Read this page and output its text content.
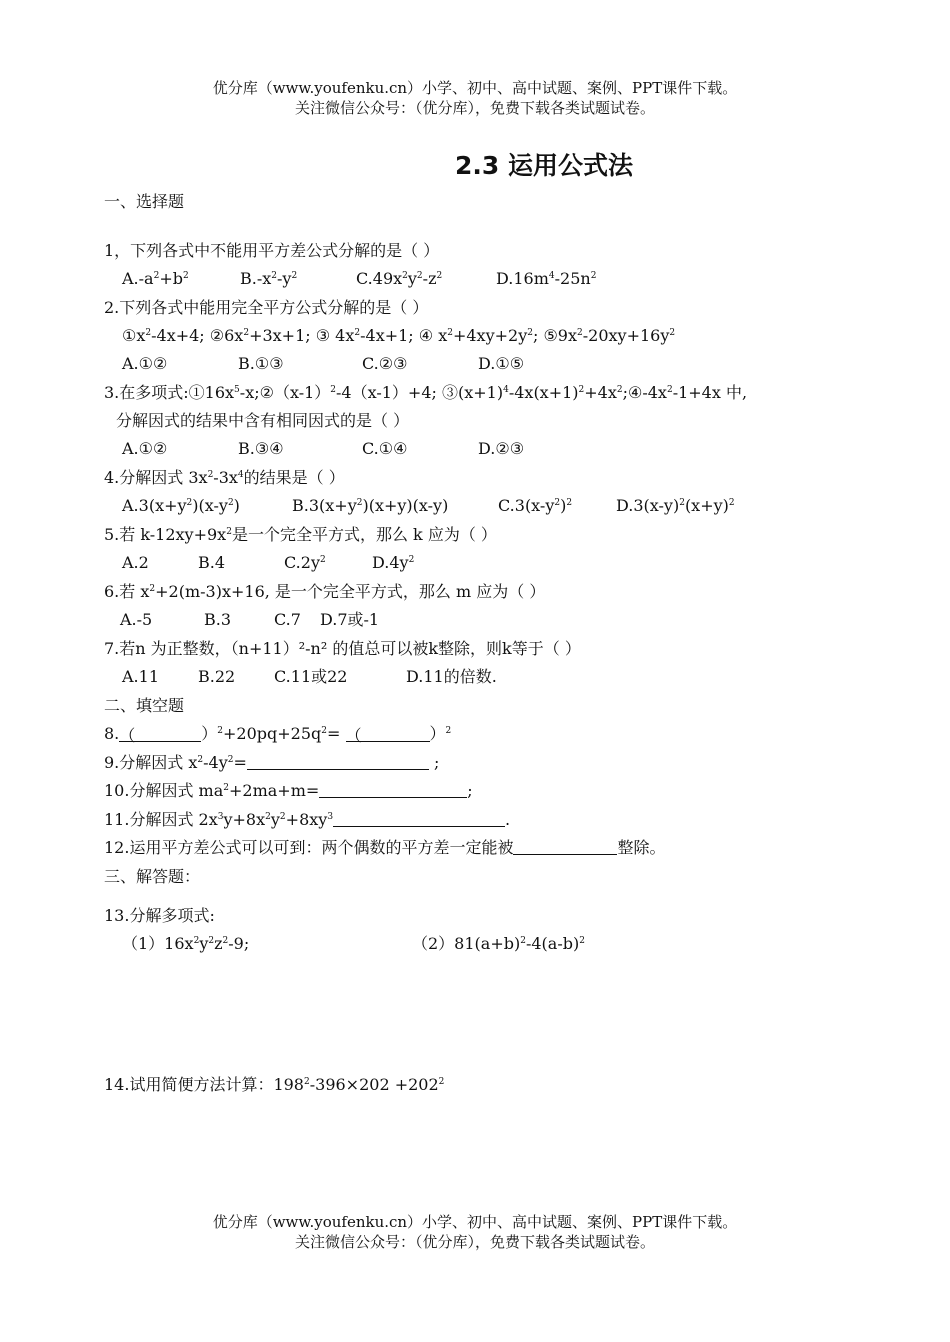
优分库（www.youfenku.cn）小学、初中、高中试题、案例、PPT课件下载。
关注微信公众号：（优分库），免费下载各类试题试卷。
2.3 运用公式法
一、选择题
1，下列各式中不能用平方差公式分解的是（ ）
$A.-a^2+b^2$	$B.-x^2-y^2$	$C.49x^2y^2-z^2$	$D.16m^4-25n^2$
2.下列各式中能用完全平方公式分解的是（ ）
$①x^2-4x+4$; $②6x^2+3x+1$; ③ $4x^2-4x+1$; ④ $x^2+4xy+2y^2$; $⑤9x^2-20xy+16y^2$
A.①②	B.①③	C.②③	D.①⑤
3.在多项式$:①16x^5-x;②(x-1)^2-4(x-1)+4$; $③(x+1)^4-4x(x+1)^2+4x^2;④-4x^2-1+4x$ 中,
分解因式的结果中含有相同因式的是（ ）
A.①②	B.③④	C.①④	D.②③
4.分解因式 $3x^2-3x^4$的结果是（ ）
$A.3(x+y^2)(x-y^2)$	$B.3(x+y^2)(x+y)(x-y)$	$C.3(x-y^2)^2$	$D.3(x-y)^2(x+y)^2$
5.若 $k-12xy+9x^2$是一个完全平方式，那么 k 应为（ ）
A.2	B.4	$C.2y^2$	$D.4y^2$
6.若 $x^2+2(m-3)x+16$, 是一个完全平方式，那么 m 应为（ ）
A.-5	B.3	C.7 D.7或-1
7.若n 为正整数，（n+11）²-n² 的值总可以被k整除，则k等于（ ）
A.11 B.22 C.11或22	D.11的倍数.
二、填空题
8.（	）$^2+20pq+25q^2=$ （	）$^2$
9.分解因式 $x^2-4y^2=$	;
10.分解因式 $ma^2+2ma+m=$	;
11.分解因式 $2x^3y+8x^2y^2+8xy^3$	.
12.运用平方差公式可以可到：两个偶数的平方差一定能被	整除。
三、解答题：
13.分解多项式:
$(1)16x^2y^2z^2-9$;	$(2)81(a+b)^2-4(a-b)^2$
14.试用简便方法计算：$198^2-396\times 202 +202^2$
优分库（www.youfenku.cn）小学、初中、高中试题、案例、PPT课件下载。
关注微信公众号：（优分库），免费下载各类试题试卷。
